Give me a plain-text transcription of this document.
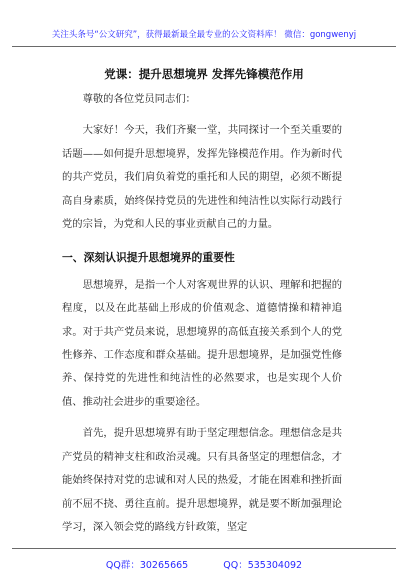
关注头条号“公文研究”，获得最新最全最专业的公文资料库！ 微信：gongwenyj
党课：提升思想境界 发挥先锋模范作用

尊敬的各位党员同志们：

大家好！今天，我们齐聚一堂，共同探讨一个至关重要的话题——如何提升思想境界，发挥先锋模范作用。作为新时代的共产党员，我们肩负着党的重托和人民的期望，必须不断提高自身素质，始终保持党员的先进性和纯洁性以实际行动践行党的宗旨，为党和人民的事业贡献自己的力量。

一、深刻认识提升思想境界的重要性

思想境界，是指一个人对客观世界的认识、理解和把握的程度，以及在此基础上形成的价值观念、道德情操和精神追求。对于共产党员来说，思想境界的高低直接关系到个人的党性修养、工作态度和群众基础。提升思想境界，是加强党性修养、保持党的先进性和纯洁性的必然要求，也是实现个人价值、推动社会进步的重要途径。

首先，提升思想境界有助于坚定理想信念。理想信念是共产党员的精神支柱和政治灵魂。只有具备坚定的理想信念，才能始终保持对党的忠诚和对人民的热爱，才能在困难和挫折面前不屈不挠、勇往直前。提升思想境界，就是要不断加强理论学习，深入领会党的路线方针政策，坚定

QQ群：30265665	QQ：535304092
